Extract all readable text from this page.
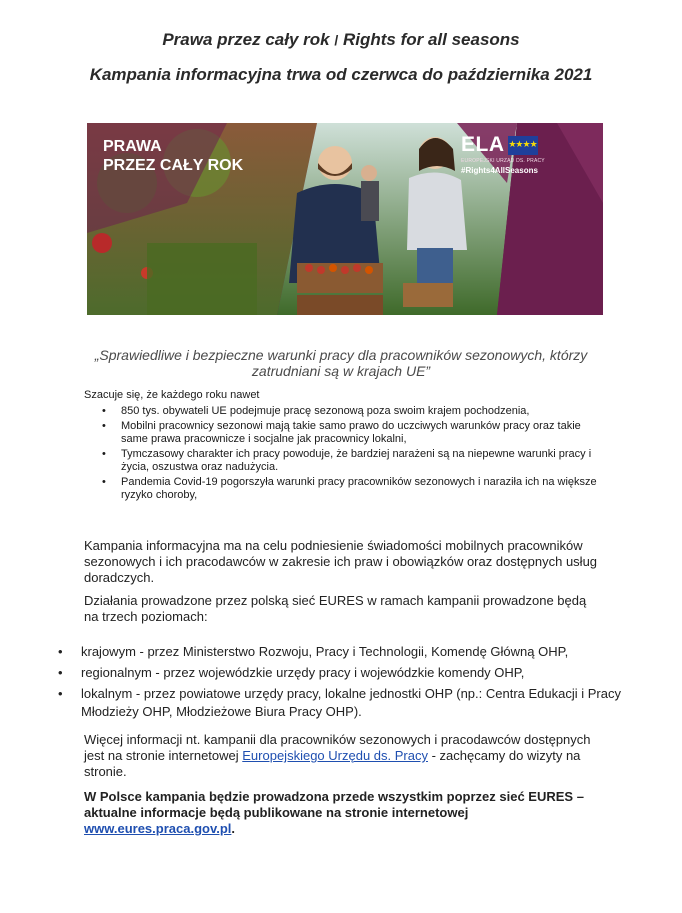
Prawa przez cały rok / Rights for all seasons
Kampania informacyjna trwa od czerwca do października 2021
PRAWA
PRZEZ CAŁY ROK
ELA ★★★★
EUROPEJSKI URZĄD DS. PRACY
#Rights4AllSeasons
„Sprawiedliwe i bezpieczne warunki pracy dla pracowników sezonowych, którzy zatrudniani są w krajach UE”
Szacuje się, że każdego roku nawet
• 850 tys. obywateli UE podejmuje pracę sezonową poza swoim krajem pochodzenia,
• Mobilni pracownicy sezonowi mają takie samo prawo do uczciwych warunków pracy oraz takie same prawa pracownicze i socjalne jak pracownicy lokalni,
• Tymczasowy charakter ich pracy powoduje, że bardziej narażeni są na niepewne warunki pracy i życia, oszustwa oraz nadużycia.
• Pandemia Covid-19 pogorszyła warunki pracy pracowników sezonowych i naraziła ich na większe ryzyko choroby,
Kampania informacyjna ma na celu podniesienie świadomości mobilnych pracowników sezonowych i ich pracodawców w zakresie ich praw i obowiązków oraz dostępnych usług doradczych.
Działania prowadzone przez polską sieć EURES w ramach kampanii prowadzone będą na trzech poziomach:
• krajowym - przez Ministerstwo Rozwoju, Pracy i Technologii, Komendę Główną OHP,
• regionalnym - przez wojewódzkie urzędy pracy i wojewódzkie komendy OHP,
• lokalnym - przez powiatowe urzędy pracy, lokalne jednostki OHP (np.: Centra Edukacji i Pracy Młodzieży OHP, Młodzieżowe Biura Pracy OHP).
Więcej informacji nt. kampanii dla pracowników sezonowych i pracodawców dostępnych jest na stronie internetowej Europejskiego Urzędu ds. Pracy - zachęcamy do wizyty na stronie.
W Polsce kampania będzie prowadzona przede wszystkim poprzez sieć EURES – aktualne informacje będą publikowane na stronie internetowej www.eures.praca.gov.pl.
